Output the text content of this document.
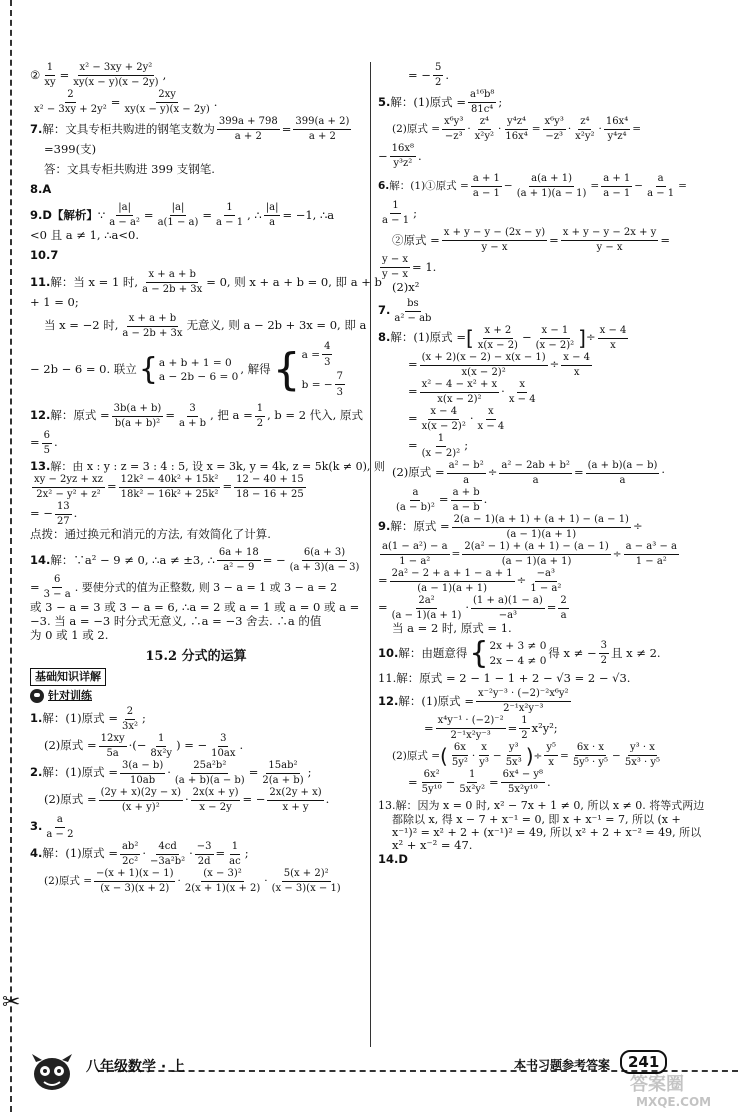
✂
② $\frac{1}{xy} = \frac{\text{x² − 3xy + 2y²}}{xy(x - y)(x - 2y)}$ ,
$\frac{2}{\text{x² − 3xy + 2y²}} = \frac{2xy}{xy(x - y)(x - 2y)}$ .
7. 解：文具专柜共购进的钢笔支数为 $\frac{399a + 798}{a + 2} = \frac{399(a + 2)}{a + 2}$
=399(支)
答：文具专柜共购进 399 支钢笔.
8.A
9.D 【解析】 ∵ $\frac{|a|}{\text{a − a²}} = \frac{|a|}{a(1 - a)} = \frac{1}{a - 1}$ , ∴ $\frac{|a|}{a} = -1$, ∴a
<0 且 a ≠ 1, ∴a<0.
10.7
11. 解：当 x = 1 时, $\frac{x + a + b}{a - 2b + 3x} = 0$, 则 x + a + b = 0, 即 a + b
+ 1 = 0;
当 x = −2 时, $\frac{x + a + b}{a - 2b + 3x}$ 无意义, 则 a − 2b + 3x = 0, 即 a
− 2b − 6 = 0. 联立 { a + b + 1 = 0
a − 2b − 6 = 0
, 解得 { $a = \frac{4}{3}$
b = − $\frac{7}{3}$
12. 解：原式 = $\frac{3b(a + b)}{\text{b(a + b)²}} = \frac{3}{a + b}$ , 把 $a = \frac{1}{2}$ , b = 2 代入, 原式
= $\frac{6}{5}$ .
13. 解：由 x : y : z = 3 : 4 : 5, 设 x = 3k, y = 4k, z = 5k(k ≠ 0), 则
$\frac{xy - 2yz + xz}{\text{2x² − y² + z²}} = \frac{\text{12k² − 40k² + 15k²}}{\text{18k² − 16k² + 25k²}} = \frac{12 - 40 + 15}{18 - 16 + 25}$
= − $\frac{13}{27}$ .
点拨：通过换元和消元的方法, 有效简化了计算.
14. 解：∵a² − 9 ≠ 0, ∴a ≠ ±3, ∴ $\frac{6a + 18}{\text{a² − 9}}$ = − $\frac{6(a + 3)}{(a + 3)(a - 3)}$
= $\frac{6}{3 - a}$ . 要使分式的值为正整数, 则 3 − a = 1 或 3 − a = 2
或 3 − a = 3 或 3 − a = 6, ∴a = 2 或 a = 1 或 a = 0 或 a =
−3. 当 a = −3 时分式无意义, ∴a = −3 舍去. ∴a 的值
为 0 或 1 或 2.
15.2 分式的运算
基础知识详解
针对训练
1. 解：(1)原式 = $\frac{2}{\text{3x²}}$ ;
(2)原式 = $\frac{12xy}{5a}$ · (− $\frac{1}{\text{8x²y}}$ ) = − $\frac{3}{10ax}$ .
2. 解：(1)原式 = $\frac{3(a - b)}{10ab} \cdot \frac{\text{25a²b²}}{(a + b)(a - b)} = \frac{\text{15ab²}}{2(a + b)}$ ;
(2)原式 = $\frac{(2y + x)(2y - x)}{\text{(x + y)²}} \cdot \frac{2x(x + y)}{x - 2y}$ = − $\frac{2x(2y + x)}{x + y}$ .
3. $\frac{a}{a - 2}$
4. 解：(1)原式 = $\frac{\text{ab²}}{\text{2c²}} \cdot \frac{4cd}{\text{−3a²b²}} \cdot \frac{-3}{2d} = \frac{1}{ac}$ ;
(2)原式 = $\frac{-(x + 1)(x - 1)}{(x - 3)(x + 2)} \cdot \frac{\text{(x − 3)²}}{2(x + 1)(x + 2)} \cdot \frac{\text{5(x + 2)²}}{(x - 3)(x - 1)}$
= − $\frac{5}{2}$ .
5. 解：(1)原式 = $\frac{\text{a¹⁶b⁸}}{\text{81c⁴}}$ ;
(2)原式 = $\frac{\text{x⁶y³}}{\text{−z³}} \cdot \frac{\text{z⁴}}{\text{x²y²}} \cdot \frac{\text{y⁴z⁴}}{\text{16x⁴}} = \frac{\text{x⁶y³}}{\text{−z³}} \cdot \frac{\text{z⁴}}{\text{x²y²}} \cdot \frac{\text{16x⁴}}{\text{y⁴z⁴}}$ =
− $\frac{\text{16x⁸}}{\text{y³z²}}$ .
6. 解：(1)①原式 = $\frac{a + 1}{a - 1} - \frac{a(a + 1)}{(a + 1)(a - 1)} = \frac{a + 1}{a - 1} - \frac{a}{a - 1}$ =
$\frac{1}{a - 1}$ ;
②原式 = $\frac{x + y - y - (2x - y)}{y - x} = \frac{x + y - y - 2x + y}{y - x}$ =
$\frac{y - x}{y - x} = 1$.
(2)x²
7. $\frac{bs}{\text{a² − ab}}$
8. 解：(1)原式 = [ $\frac{x + 2}{x(x - 2)} - \frac{x - 1}{\text{(x − 2)²}}$ ] ÷ $\frac{x - 4}{x}$
= $\frac{(x + 2)(x - 2) - x(x - 1)}{\text{x(x − 2)²}} \div \frac{x - 4}{x}$
= $\frac{\text{x² − 4 − x² + x}}{\text{x(x − 2)²}} \cdot \frac{x}{x - 4}$
= $\frac{x - 4}{\text{x(x − 2)²}} \cdot \frac{x}{x - 4}$
= $\frac{1}{\text{(x − 2)²}}$ ;
(2)原式 = $\frac{\text{a² − b²}}{a} \div \frac{\text{a² − 2ab + b²}}{a} = \frac{(a + b)(a - b)}{a}$ ·
$\frac{a}{\text{(a − b)²}} = \frac{a + b}{a - b}$ .
9. 解：原式 = $\frac{2(a - 1)(a + 1) + (a + 1) - (a - 1)}{(a - 1)(a + 1)}$ ÷
$\frac{\text{a(1 − a²) − a}}{\text{1 − a²}} = \frac{\text{2(a² − 1) + (a + 1) − (a − 1)}}{(a - 1)(a + 1)} \div \frac{\text{a − a³ − a}}{\text{1 − a²}}$
= $\frac{\text{2a² − 2 + a + 1 − a + 1}}{(a - 1)(a + 1)} \div \frac{\text{−a³}}{\text{1 − a²}}$
= $\frac{\text{2a²}}{(a - 1)(a + 1)} \cdot \frac{(1 + a)(1 - a)}{\text{−a³}} = \frac{2}{a}$
当 a = 2 时, 原式 = 1.
10. 解：由题意得 { 2x + 3 ≠ 0
2x − 4 ≠ 0
得 x ≠ − $\frac{3}{2}$ 且 x ≠ 2.
11.解：原式 = 2 − 1 − 1 + 2 − √3 = 2 − √3.
12. 解：(1)原式 = $\frac{\text{x⁻²y⁻³ · (−2)⁻²x⁶y²}}{\text{2⁻¹x²y⁻³}}$
= $\frac{\text{x⁴y⁻¹ · (−2)⁻²}}{\text{2⁻¹x²y⁻³}} = \frac{1}{2} x^2y^2$;
(2)原式 = ( $\frac{6x}{\text{5y²}} \cdot \frac{x}{\text{y³}} - \frac{\text{y³}}{\text{5x³}}$ ) ÷ $\frac{\text{y⁵}}{x} = \frac{6x \cdot x}{\text{5y⁵ · y⁵}} - \frac{\text{y³ · x}}{\text{5x³ · y⁵}}$
= $\frac{\text{6x²}}{\text{5y¹⁰}} - \frac{1}{\text{5x²y²}} = \frac{\text{6x⁴ − y⁸}}{\text{5x²y¹⁰}}$ .
13.解：因为 x = 0 时, x² − 7x + 1 ≠ 0, 所以 x ≠ 0. 将等式两边
都除以 x, 得 x − 7 + x⁻¹ = 0, 即 x + x⁻¹ = 7, 所以 (x +
x⁻¹)² = x² + 2 + (x⁻¹)² = 49, 所以 x² + 2 + x⁻² = 49, 所以
x² + x⁻² = 47.
14.D
八年级数学 · 上	本书习题参考答案	241
答案圈
MXQE.COM
